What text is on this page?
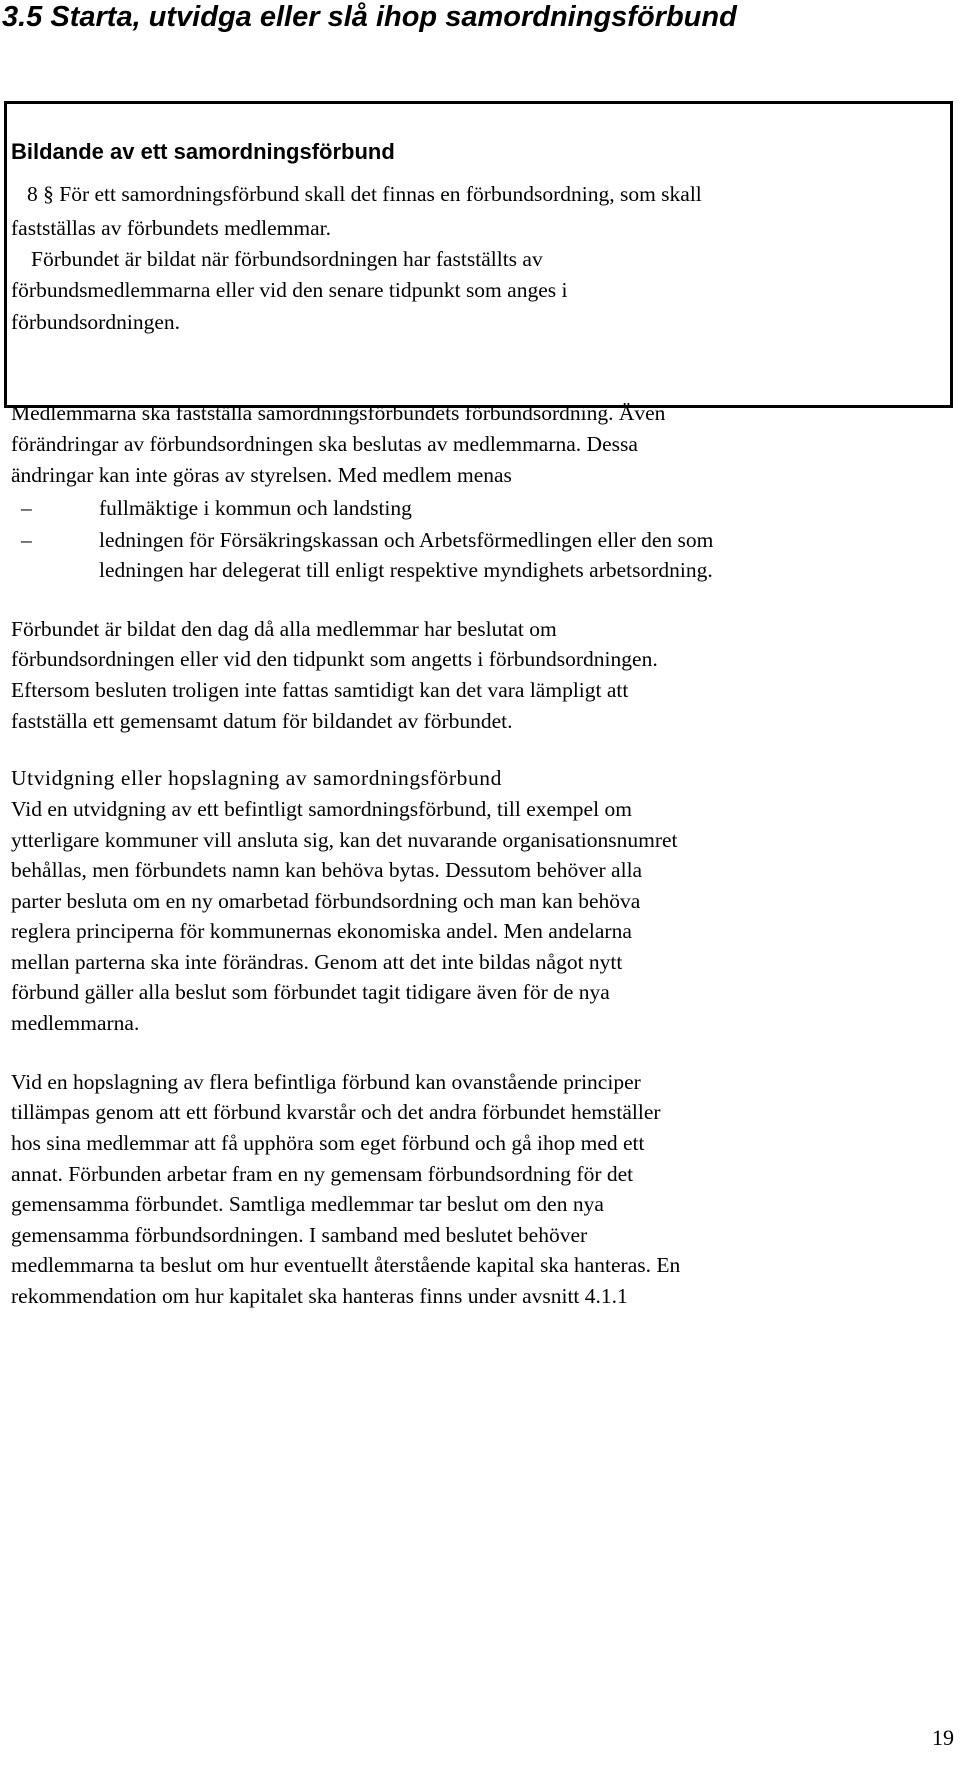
3.5 Starta, utvidga eller slå ihop samordningsförbund
Bildande av ett samordningsförbund
8 § För ett samordningsförbund skall det finnas en förbundsordning, som skall
fastställas av förbundets medlemmar.
Förbundet är bildat när förbundsordningen har fastställts av
förbundsmedlemmarna eller vid den senare tidpunkt som anges i
förbundsordningen.
Medlemmarna ska fastställa samordningsförbundets förbundsordning. Även
förändringar av förbundsordningen ska beslutas av medlemmarna. Dessa
ändringar kan inte göras av styrelsen. Med medlem menas
–	fullmäktige i kommun och landsting
–	ledningen för Försäkringskassan och Arbetsförmedlingen eller den som
ledningen har delegerat till enligt respektive myndighets arbetsordning.
Förbundet är bildat den dag då alla medlemmar har beslutat om
förbundsordningen eller vid den tidpunkt som angetts i förbundsordningen.
Eftersom besluten troligen inte fattas samtidigt kan det vara lämpligt att
fastställa ett gemensamt datum för bildandet av förbundet.
Utvidgning eller hopslagning av samordningsförbund
Vid en utvidgning av ett befintligt samordningsförbund, till exempel om
ytterligare kommuner vill ansluta sig, kan det nuvarande organisationsnumret
behållas, men förbundets namn kan behöva bytas. Dessutom behöver alla
parter besluta om en ny omarbetad förbundsordning och man kan behöva
reglera principerna för kommunernas ekonomiska andel. Men andelarna
mellan parterna ska inte förändras. Genom att det inte bildas något nytt
förbund gäller alla beslut som förbundet tagit tidigare även för de nya
medlemmarna.
Vid en hopslagning av flera befintliga förbund kan ovanstående principer
tillämpas genom att ett förbund kvarstår och det andra förbundet hemställer
hos sina medlemmar att få upphöra som eget förbund och gå ihop med ett
annat. Förbunden arbetar fram en ny gemensam förbundsordning för det
gemensamma förbundet. Samtliga medlemmar tar beslut om den nya
gemensamma förbundsordningen. I samband med beslutet behöver
medlemmarna ta beslut om hur eventuellt återstående kapital ska hanteras. En
rekommendation om hur kapitalet ska hanteras finns under avsnitt 4.1.1
19
